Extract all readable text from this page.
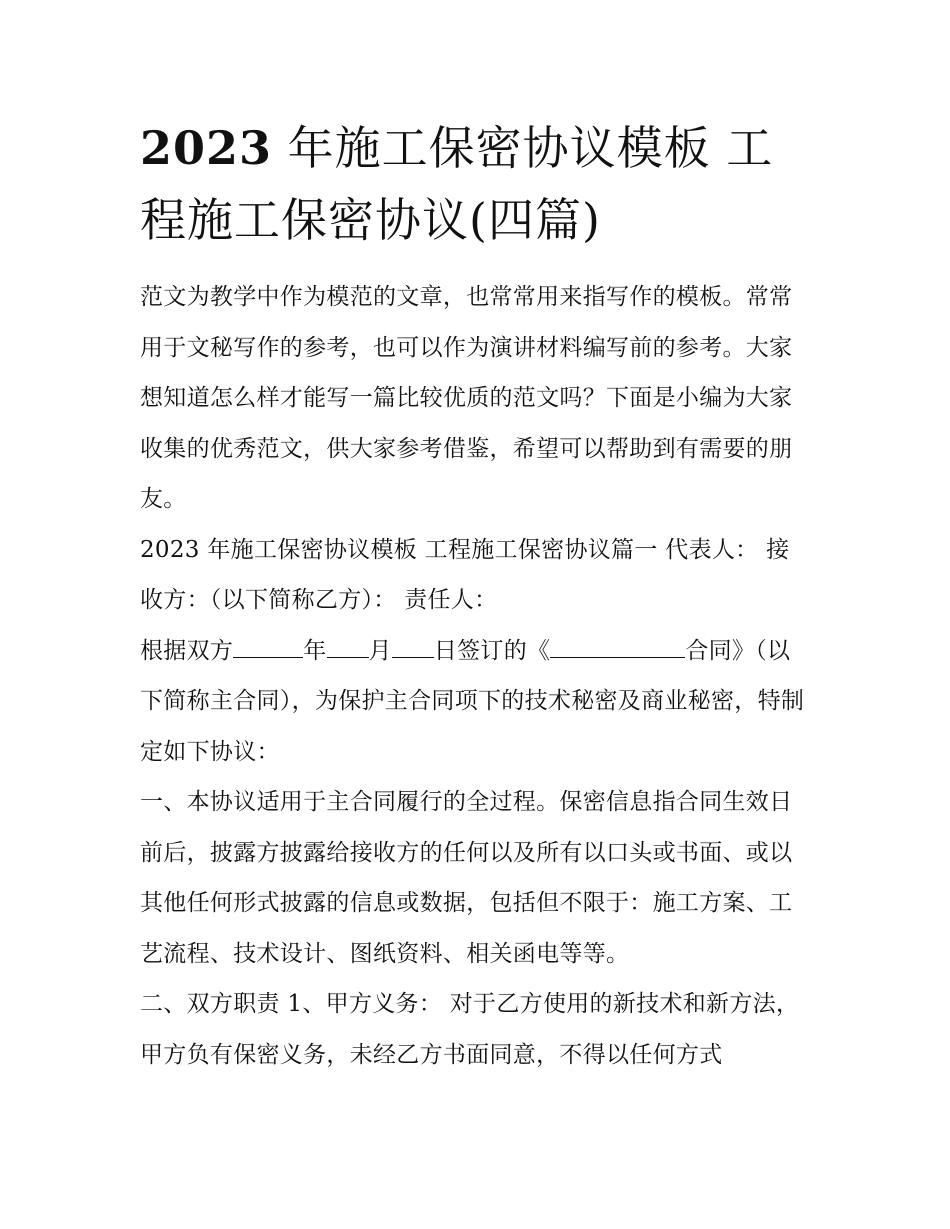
2023 年施工保密协议模板 工程施工保密协议(四篇)

范文为教学中作为模范的文章，也常常用来指写作的模板。常常用于文秘写作的参考，也可以作为演讲材料编写前的参考。大家想知道怎么样才能写一篇比较优质的范文吗？下面是小编为大家收集的优秀范文，供大家参考借鉴，希望可以帮助到有需要的朋友。

2023 年施工保密协议模板 工程施工保密协议篇一 代表人： 接收方：（以下简称乙方）： 责任人：

根据双方	年 月 日签订的《	合同》（以下简称主合同），为保护主合同项下的技术秘密及商业秘密，特制定如下协议：

一、本协议适用于主合同履行的全过程。保密信息指合同生效日前后，披露方披露给接收方的任何以及所有以口头或书面、或以其他任何形式披露的信息或数据，包括但不限于：施工方案、工艺流程、技术设计、图纸资料、相关函电等等。

二、双方职责 1、甲方义务： 对于乙方使用的新技术和新方法，甲方负有保密义务，未经乙方书面同意，不得以任何方式
